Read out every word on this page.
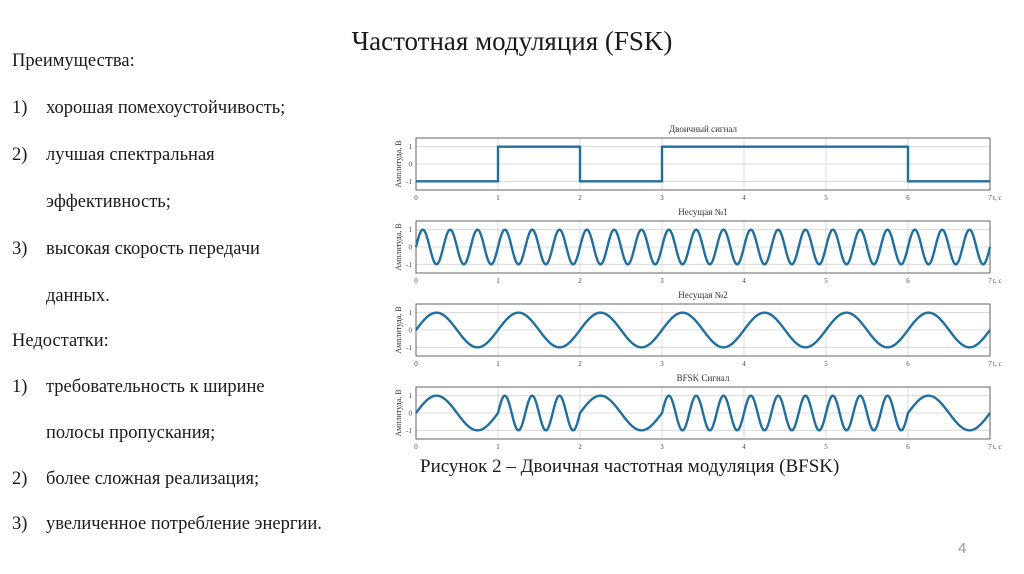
Частотная модуляция (FSK)
Преимущества:
1) хорошая помехоустойчивость;
2) лучшая спектральная
эффективность;
3) высокая скорость передачи
данных.
Недостатки:
1) требовательность к ширине
полосы пропускания;
2) более сложная реализация;
3) увеличенное потребление энергии.
Двоичный сигнал
0	1	2	3	4	5	6	7
1
0
-1
t, c
Амплитуда, В
Несущая №1
0	1	2	3	4	5	6	7
1
0
-1
t, c
Амплитуда, В
Несущая №2
0	1	2	3	4	5	6	7
1
0
-1
t, c
Амплитуда, В
BFSK Сигнал
0	1	2	3	4	5	6	7
1
0
-1
t, c
Амплитуда, В
Рисунок 2 – Двоичная частотная модуляция (BFSK)
4
